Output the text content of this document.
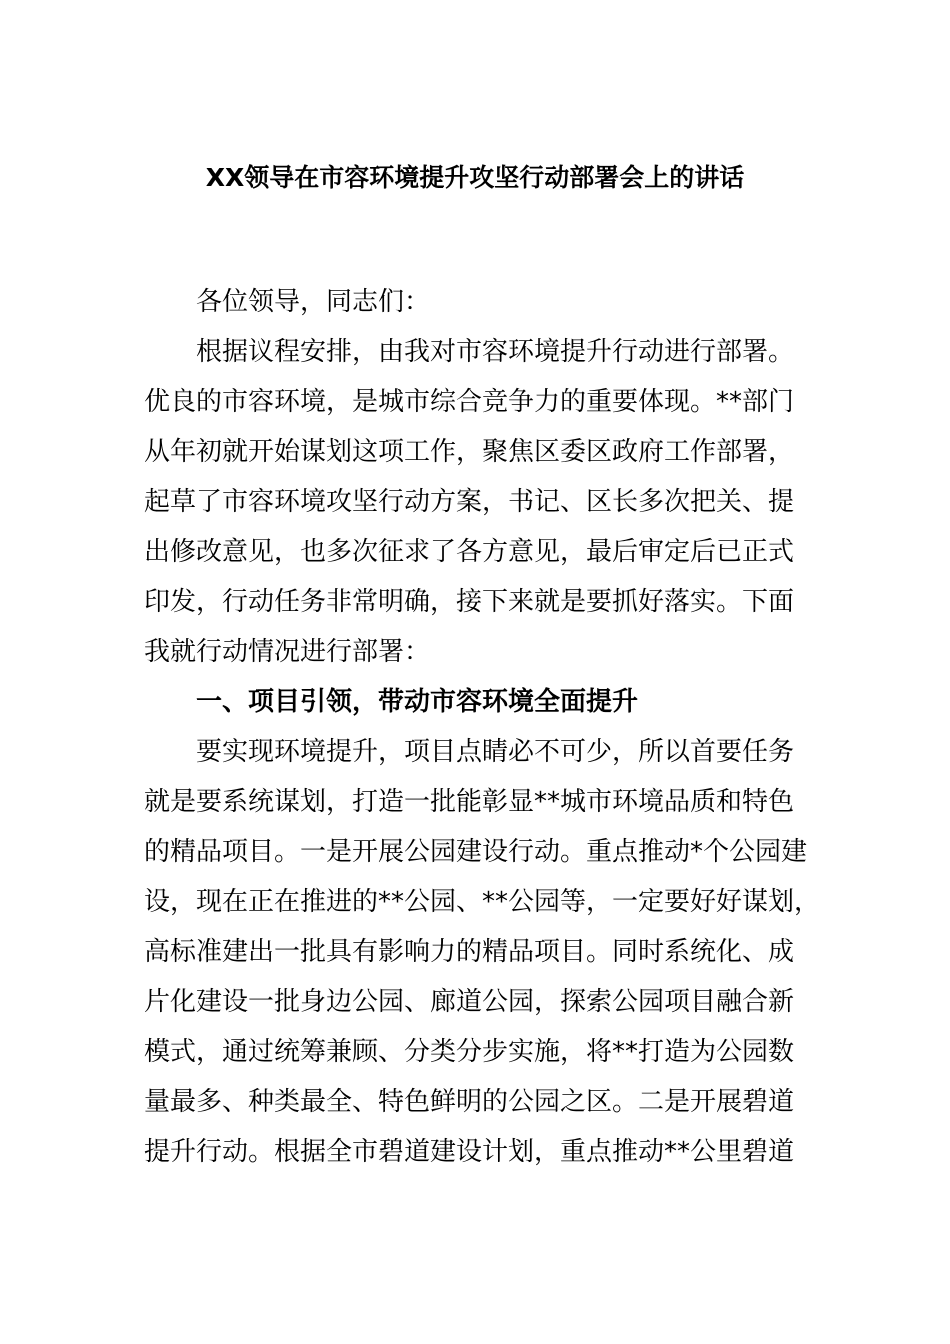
XX领导在市容环境提升攻坚行动部署会上的讲话

各位领导，同志们：

根据议程安排，由我对市容环境提升行动进行部署。

优良的市容环境，是城市综合竞争力的重要体现。**部门

从年初就开始谋划这项工作，聚焦区委区政府工作部署，

起草了市容环境攻坚行动方案，书记、区长多次把关、提

出修改意见，也多次征求了各方意见，最后审定后已正式

印发，行动任务非常明确，接下来就是要抓好落实。下面

我就行动情况进行部署：

一、项目引领，带动市容环境全面提升

要实现环境提升，项目点睛必不可少，所以首要任务

就是要系统谋划，打造一批能彰显**城市环境品质和特色

的精品项目。一是开展公园建设行动。重点推动*个公园建

设，现在正在推进的**公园、**公园等，一定要好好谋划，

高标准建出一批具有影响力的精品项目。同时系统化、成

片化建设一批身边公园、廊道公园，探索公园项目融合新

模式，通过统筹兼顾、分类分步实施，将**打造为公园数

量最多、种类最全、特色鲜明的公园之区。二是开展碧道

提升行动。根据全市碧道建设计划，重点推动**公里碧道
